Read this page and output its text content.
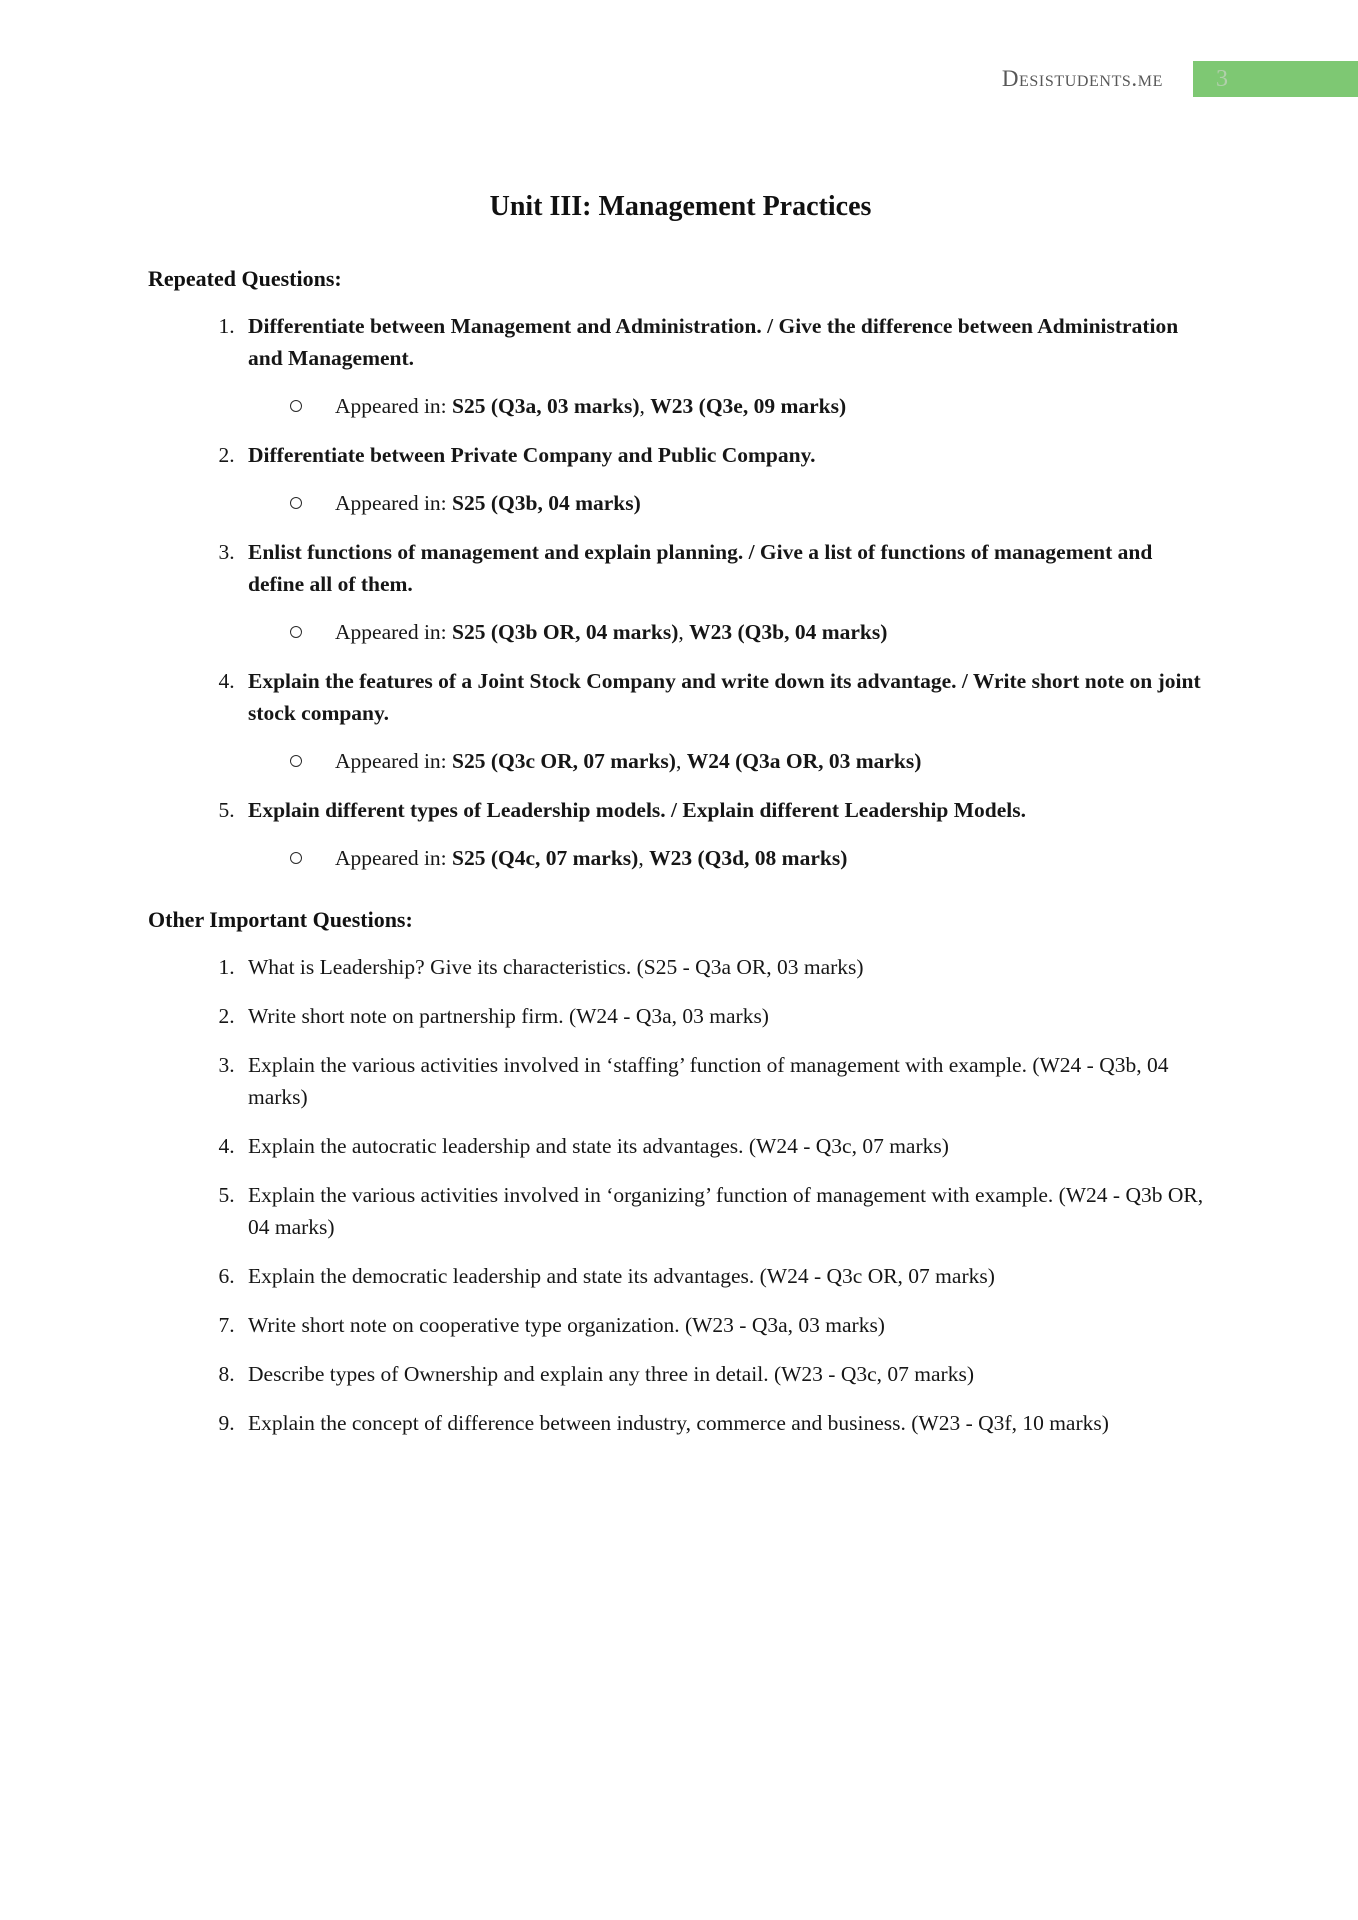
Desistudents.me 3
Unit III: Management Practices
Repeated Questions:
1. Differentiate between Management and Administration. / Give the difference between Administration and Management.
Appeared in: S25 (Q3a, 03 marks), W23 (Q3e, 09 marks)
2. Differentiate between Private Company and Public Company.
Appeared in: S25 (Q3b, 04 marks)
3. Enlist functions of management and explain planning. / Give a list of functions of management and define all of them.
Appeared in: S25 (Q3b OR, 04 marks), W23 (Q3b, 04 marks)
4. Explain the features of a Joint Stock Company and write down its advantage. / Write short note on joint stock company.
Appeared in: S25 (Q3c OR, 07 marks), W24 (Q3a OR, 03 marks)
5. Explain different types of Leadership models. / Explain different Leadership Models.
Appeared in: S25 (Q4c, 07 marks), W23 (Q3d, 08 marks)
Other Important Questions:
1. What is Leadership? Give its characteristics. (S25 - Q3a OR, 03 marks)
2. Write short note on partnership firm. (W24 - Q3a, 03 marks)
3. Explain the various activities involved in ‘staffing’ function of management with example. (W24 - Q3b, 04 marks)
4. Explain the autocratic leadership and state its advantages. (W24 - Q3c, 07 marks)
5. Explain the various activities involved in ‘organizing’ function of management with example. (W24 - Q3b OR, 04 marks)
6. Explain the democratic leadership and state its advantages. (W24 - Q3c OR, 07 marks)
7. Write short note on cooperative type organization. (W23 - Q3a, 03 marks)
8. Describe types of Ownership and explain any three in detail. (W23 - Q3c, 07 marks)
9. Explain the concept of difference between industry, commerce and business. (W23 - Q3f, 10 marks)
